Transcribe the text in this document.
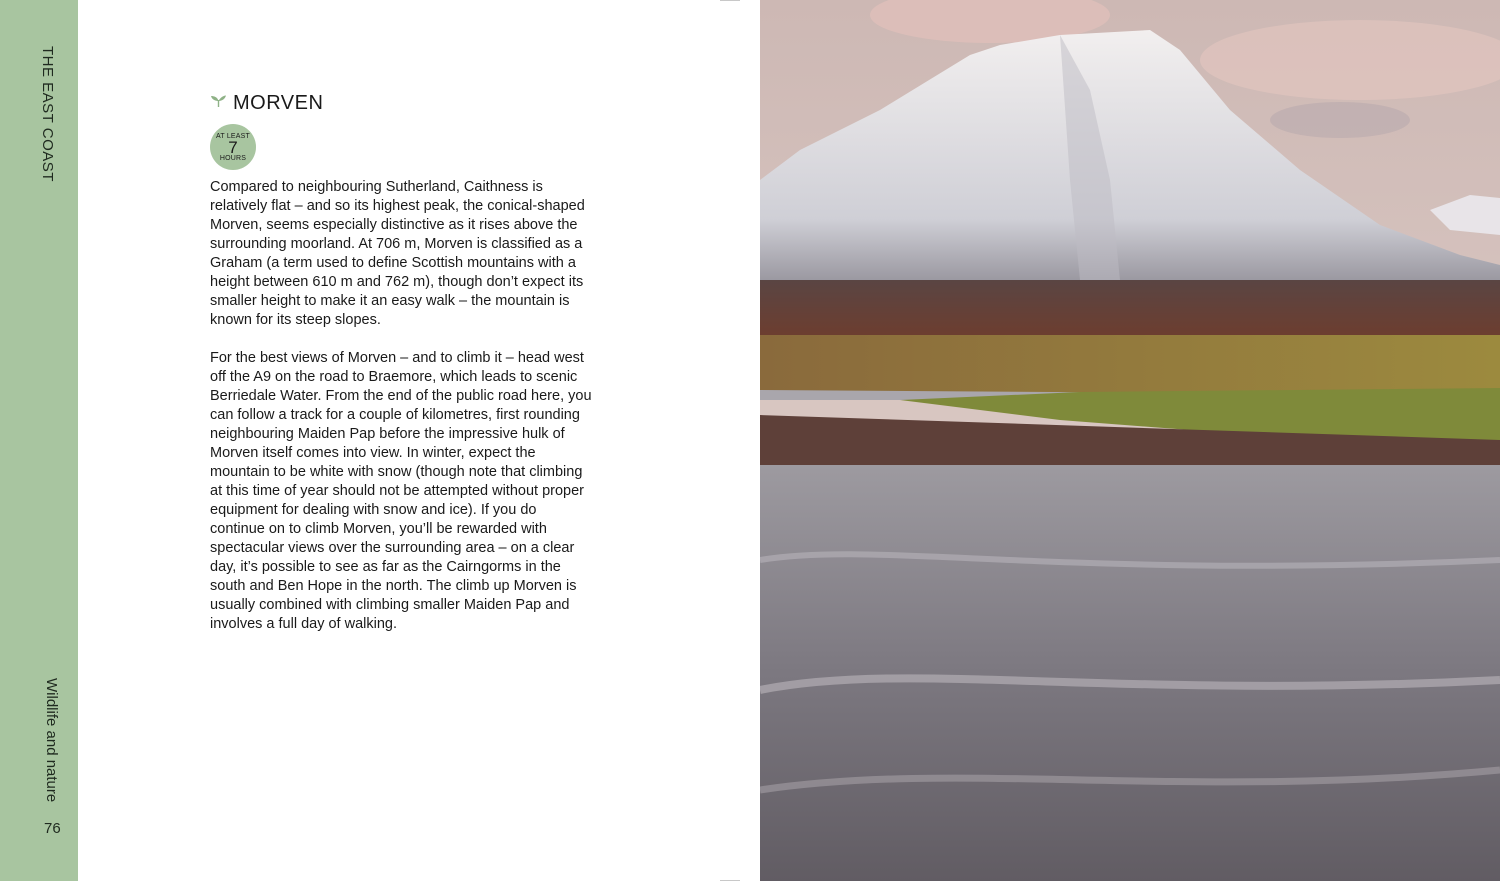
THE EAST COAST
Wildlife and nature
76
MORVEN
AT LEAST
7
HOURS

Compared to neighbouring Sutherland, Caithness is relatively flat – and so its highest peak, the conical-shaped Morven, seems especially distinctive as it rises above the surrounding moorland. At 706 m, Morven is classified as a Graham (a term used to define Scottish mountains with a height between 610 m and 762 m), though don’t expect its smaller height to make it an easy walk – the mountain is known for its steep slopes.

For the best views of Morven – and to climb it – head west off the A9 on the road to Braemore, which leads to scenic Berriedale Water. From the end of the public road here, you can follow a track for a couple of kilometres, first rounding neighbouring Maiden Pap before the impressive hulk of Morven itself comes into view. In winter, expect the mountain to be white with snow (though note that climbing at this time of year should not be attempted without proper equipment for dealing with snow and ice). If you do continue on to climb Morven, you’ll be rewarded with spectacular views over the surrounding area – on a clear day, it’s possible to see as far as the Cairngorms in the south and Ben Hope in the north. The climb up Morven is usually combined with climbing smaller Maiden Pap and involves a full day of walking.
